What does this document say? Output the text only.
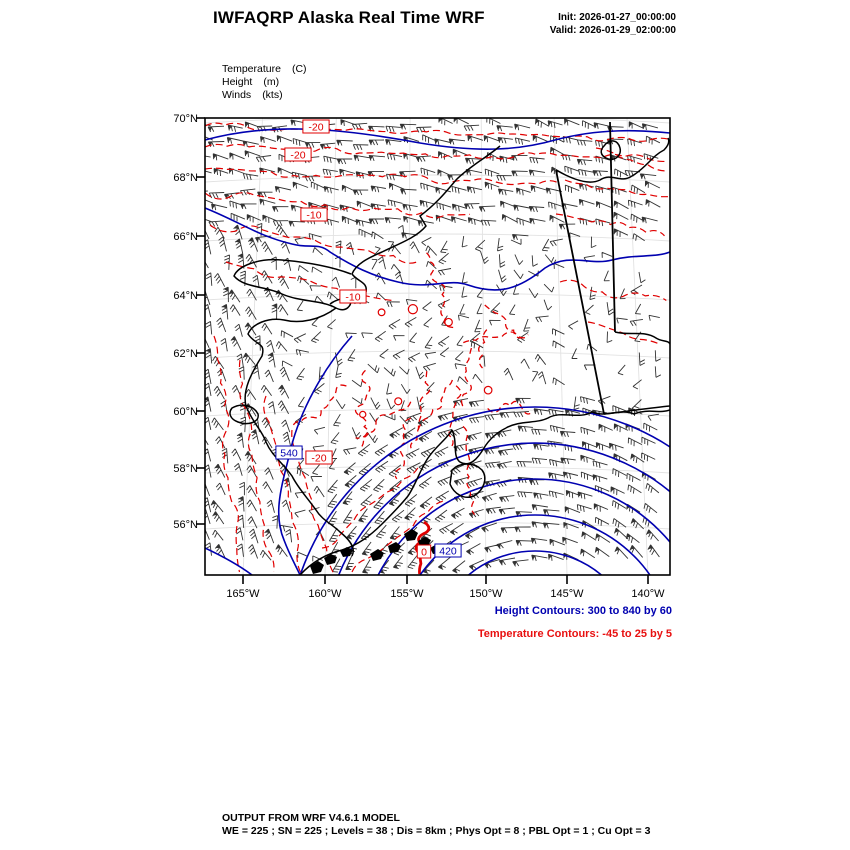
IWFAQRP Alaska Real Time WRF	Init: 2026-01-27_00:00:00
Valid: 2026-01-29_02:00:00
Temperature (C)
Height (m)
Winds (kts)
70°N
68°N
66°N
64°N
62°N
60°N
58°N
56°N
165°W	160°W	155°W	150°W	145°W	140°W
540
420
-20
-20
-10
-10
-20
0
Height Contours: 300 to 840 by 60
Temperature Contours: -45 to 25 by 5
OUTPUT FROM WRF V4.6.1 MODEL
WE = 225 ; SN = 225 ; Levels = 38 ; Dis = 8km ; Phys Opt = 8 ; PBL Opt = 1 ; Cu Opt = 3
